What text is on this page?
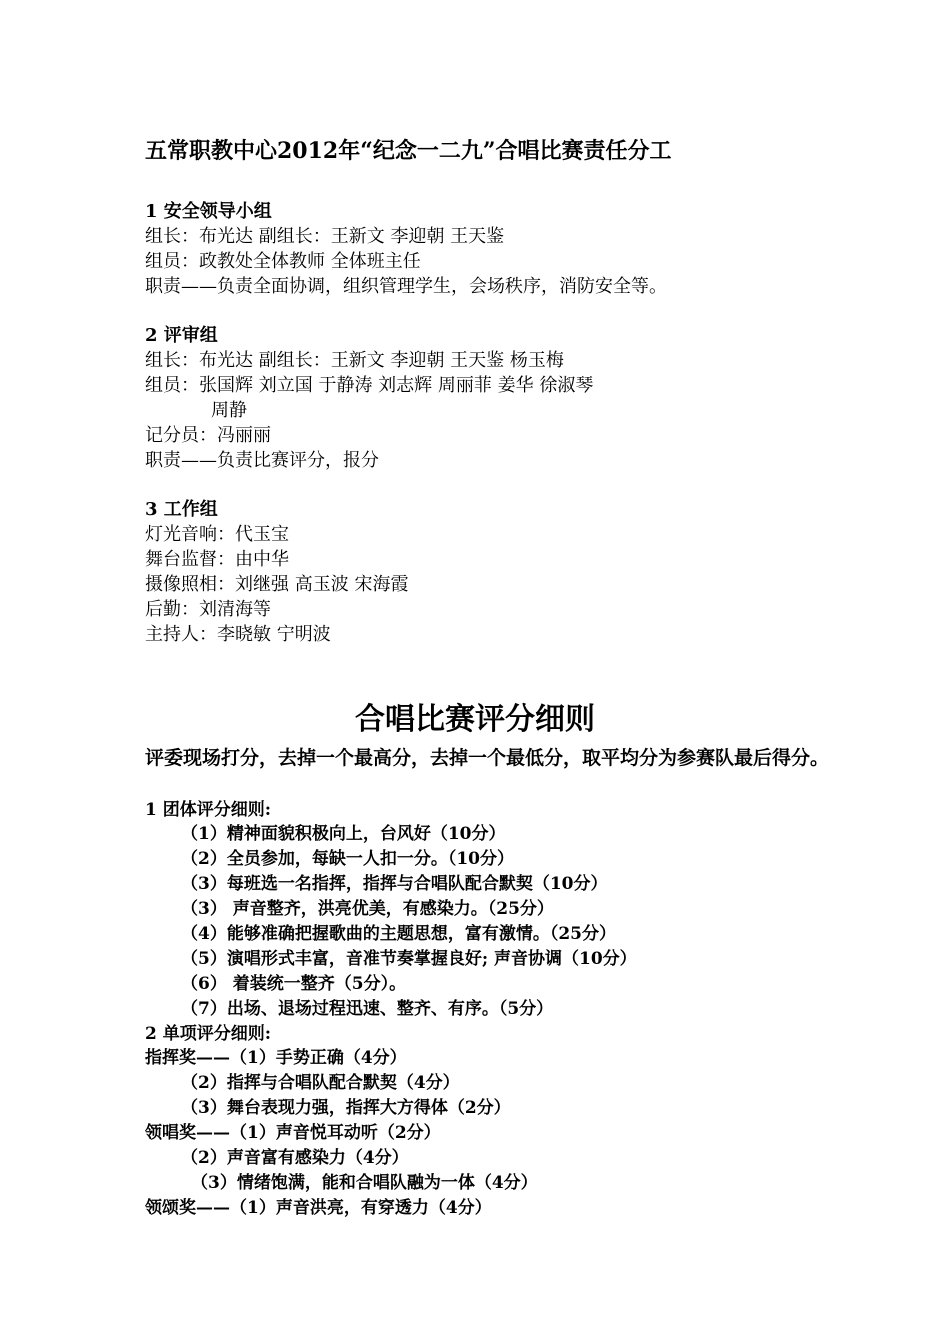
五常职教中心2012年“纪念一二九”合唱比赛责任分工
1 安全领导小组
组长：布光达 副组长：王新文 李迎朝 王天鉴
组员：政教处全体教师 全体班主任
职责——负责全面协调，组织管理学生，会场秩序，消防安全等。
2 评审组
组长：布光达 副组长：王新文 李迎朝 王天鉴 杨玉梅
组员：张国辉 刘立国 于静涛 刘志辉 周丽菲 姜华 徐淑琴
周静
记分员：冯丽丽
职责——负责比赛评分，报分
3 工作组
灯光音响：代玉宝
舞台监督：由中华
摄像照相：刘继强 高玉波 宋海霞
后勤：刘清海等
主持人：李晓敏 宁明波
合唱比赛评分细则
评委现场打分，去掉一个最高分，去掉一个最低分，取平均分为参赛队最后得分。
1 团体评分细则:
（1）精神面貌积极向上，台风好（10分）
（2）全员参加，每缺一人扣一分。（10分）
（3）每班选一名指挥，指挥与合唱队配合默契（10分）
（3） 声音整齐，洪亮优美，有感染力。（25分）
（4）能够准确把握歌曲的主题思想，富有激情。（25分）
（5）演唱形式丰富，音准节奏掌握良好; 声音协调（10分）
（6） 着装统一整齐（5分）。
（7）出场、退场过程迅速、整齐、有序。（5分）
2 单项评分细则:
指挥奖——（1）手势正确（4分）
（2）指挥与合唱队配合默契（4分）
（3）舞台表现力强，指挥大方得体（2分）
领唱奖——（1）声音悦耳动听（2分）
（2）声音富有感染力（4分）
（3）情绪饱满，能和合唱队融为一体（4分）
领颂奖——（1）声音洪亮，有穿透力（4分）
